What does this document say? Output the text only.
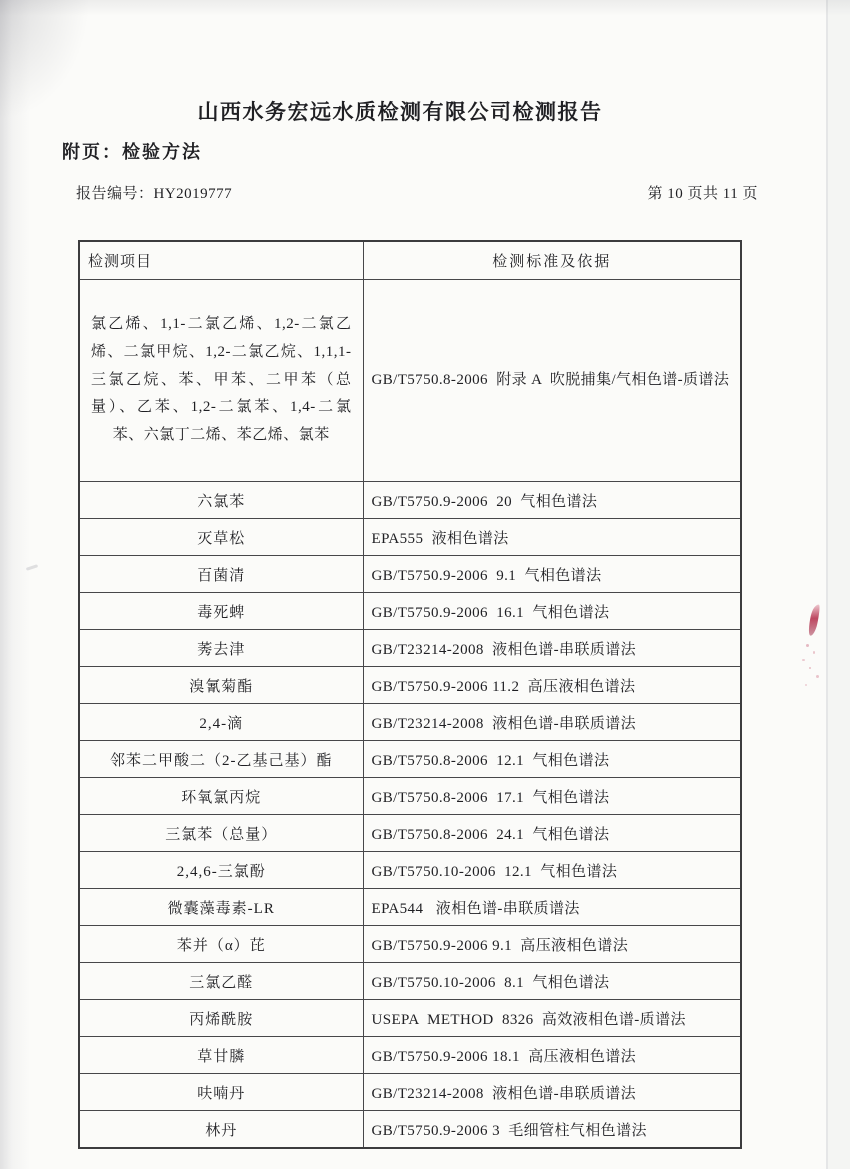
山西水务宏远水质检测有限公司检测报告
附页：检验方法
报告编号：HY2019777	第 10 页共 11 页
检测项目	检测标准及依据
氯乙烯、1,1-二氯乙烯、1,2-二氯乙烯、二氯甲烷、1,2-二氯乙烷、1,1,1-三氯乙烷、苯、甲苯、二甲苯（总量）、乙苯、1,2-二氯苯、1,4-二氯苯、六氯丁二烯、苯乙烯、氯苯	GB/T5750.8-2006  附录 A  吹脱捕集/气相色谱-质谱法
六氯苯	GB/T5750.9-2006  20  气相色谱法
灭草松	EPA555  液相色谱法
百菌清	GB/T5750.9-2006  9.1  气相色谱法
毒死蜱	GB/T5750.9-2006  16.1  气相色谱法
莠去津	GB/T23214-2008  液相色谱-串联质谱法
溴氰菊酯	GB/T5750.9-2006 11.2  高压液相色谱法
2,4-滴	GB/T23214-2008  液相色谱-串联质谱法
邻苯二甲酸二（2-乙基己基）酯	GB/T5750.8-2006  12.1  气相色谱法
环氧氯丙烷	GB/T5750.8-2006  17.1  气相色谱法
三氯苯（总量）	GB/T5750.8-2006  24.1  气相色谱法
2,4,6-三氯酚	GB/T5750.10-2006  12.1  气相色谱法
微囊藻毒素-LR	EPA544   液相色谱-串联质谱法
苯并（α）芘	GB/T5750.9-2006 9.1  高压液相色谱法
三氯乙醛	GB/T5750.10-2006  8.1  气相色谱法
丙烯酰胺	USEPA  METHOD  8326  高效液相色谱-质谱法
草甘膦	GB/T5750.9-2006 18.1  高压液相色谱法
呋喃丹	GB/T23214-2008  液相色谱-串联质谱法
林丹	GB/T5750.9-2006 3  毛细管柱气相色谱法
